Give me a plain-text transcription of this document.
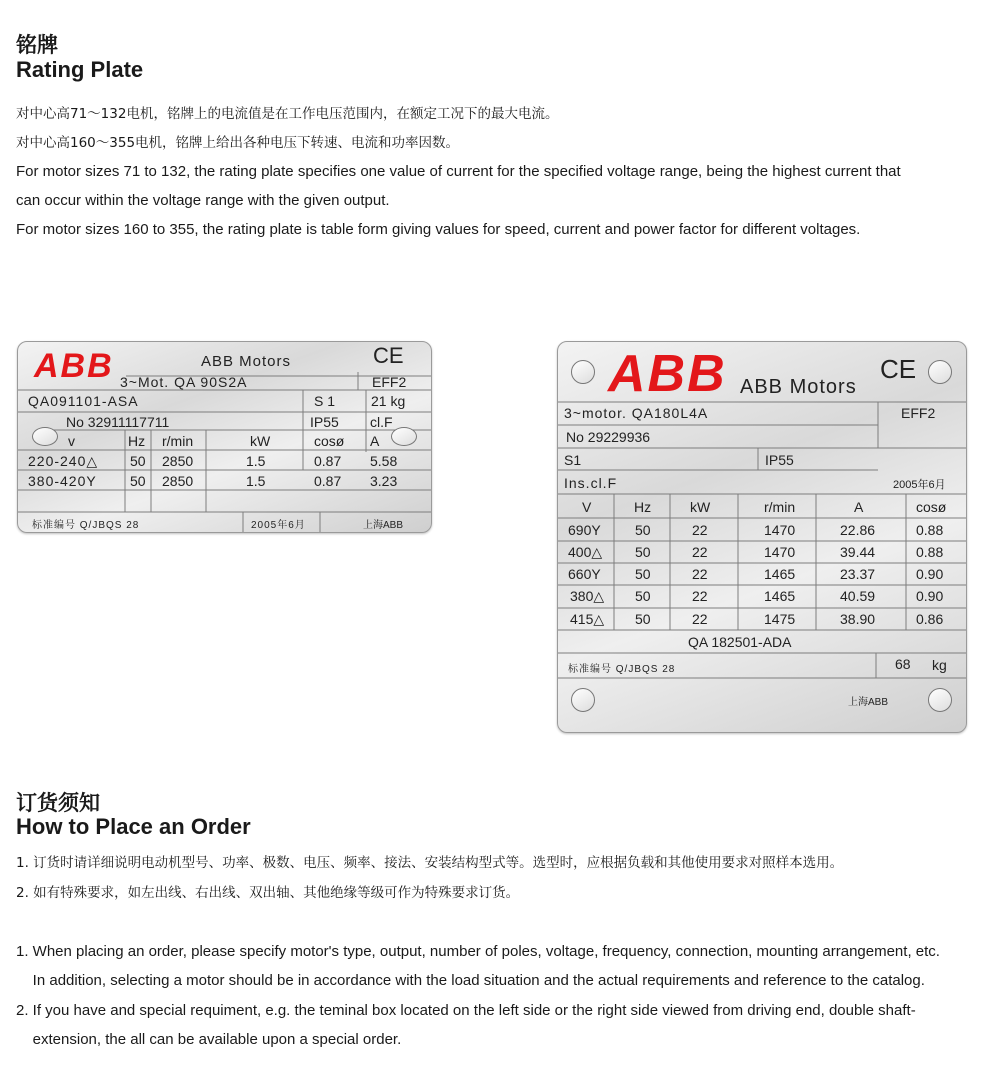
铭牌
Rating Plate
对中心高71～132电机，铭牌上的电流值是在工作电压范围内，在额定工况下的最大电流。
对中心高160～355电机，铭牌上给出各种电压下转速、电流和功率因数。
For motor sizes 71 to 132, the rating plate specifies one value of current for the specified voltage range, being the highest current that
can occur within the voltage range with the given output.
For motor sizes 160 to 355, the rating plate is table form giving values for speed, current and power factor for different voltages.
ABB	ABB Motors	CE
3~Mot. QA 90S2A	EFF2
QA091101-ASA	S 1	21 kg
No 32911117711	IP55 cl.F
v	Hz r/min	kW	cosø A
220-240△ 50 2850	1.5	0.87 5.58
380-420Y 50 2850	1.5	0.87 3.23
标准编号 Q/JBQS 28	2005年6月	上海ABB
ABB ABB Motors
CE
3~motor. QA180L4A	EFF2
No 29229936
S1	IP55
Ins.cl.F	2005年6月
V	Hz	kW	r/min	A	cosø
690Y 50	22	1470	22.86	0.88
400△ 50	22	1470	39.44	0.88
660Y 50	22	1465	23.37	0.90
380△ 50	22	1465	40.59	0.90
415△ 50	22	1475	38.90	0.86
QA 182501-ADA
标准编号 Q/JBQS 28	68 kg
上海ABB
订货须知
How to Place an Order
1. 订货时请详细说明电动机型号、功率、极数、电压、频率、接法、安装结构型式等。选型时，应根据负载和其他使用要求对照样本选用。
2. 如有特殊要求，如左出线、右出线、双出轴、其他绝缘等级可作为特殊要求订货。
1. When placing an order, please specify motor's type, output, number of poles, voltage, frequency, connection, mounting arrangement, etc.
In addition, selecting a motor should be in accordance with the load situation and the actual requirements and reference to the catalog.
2. If you have and special requiment, e.g. the teminal box located on the left side or the right side viewed from driving end, double shaft-
extension, the all can be available upon a special order.
